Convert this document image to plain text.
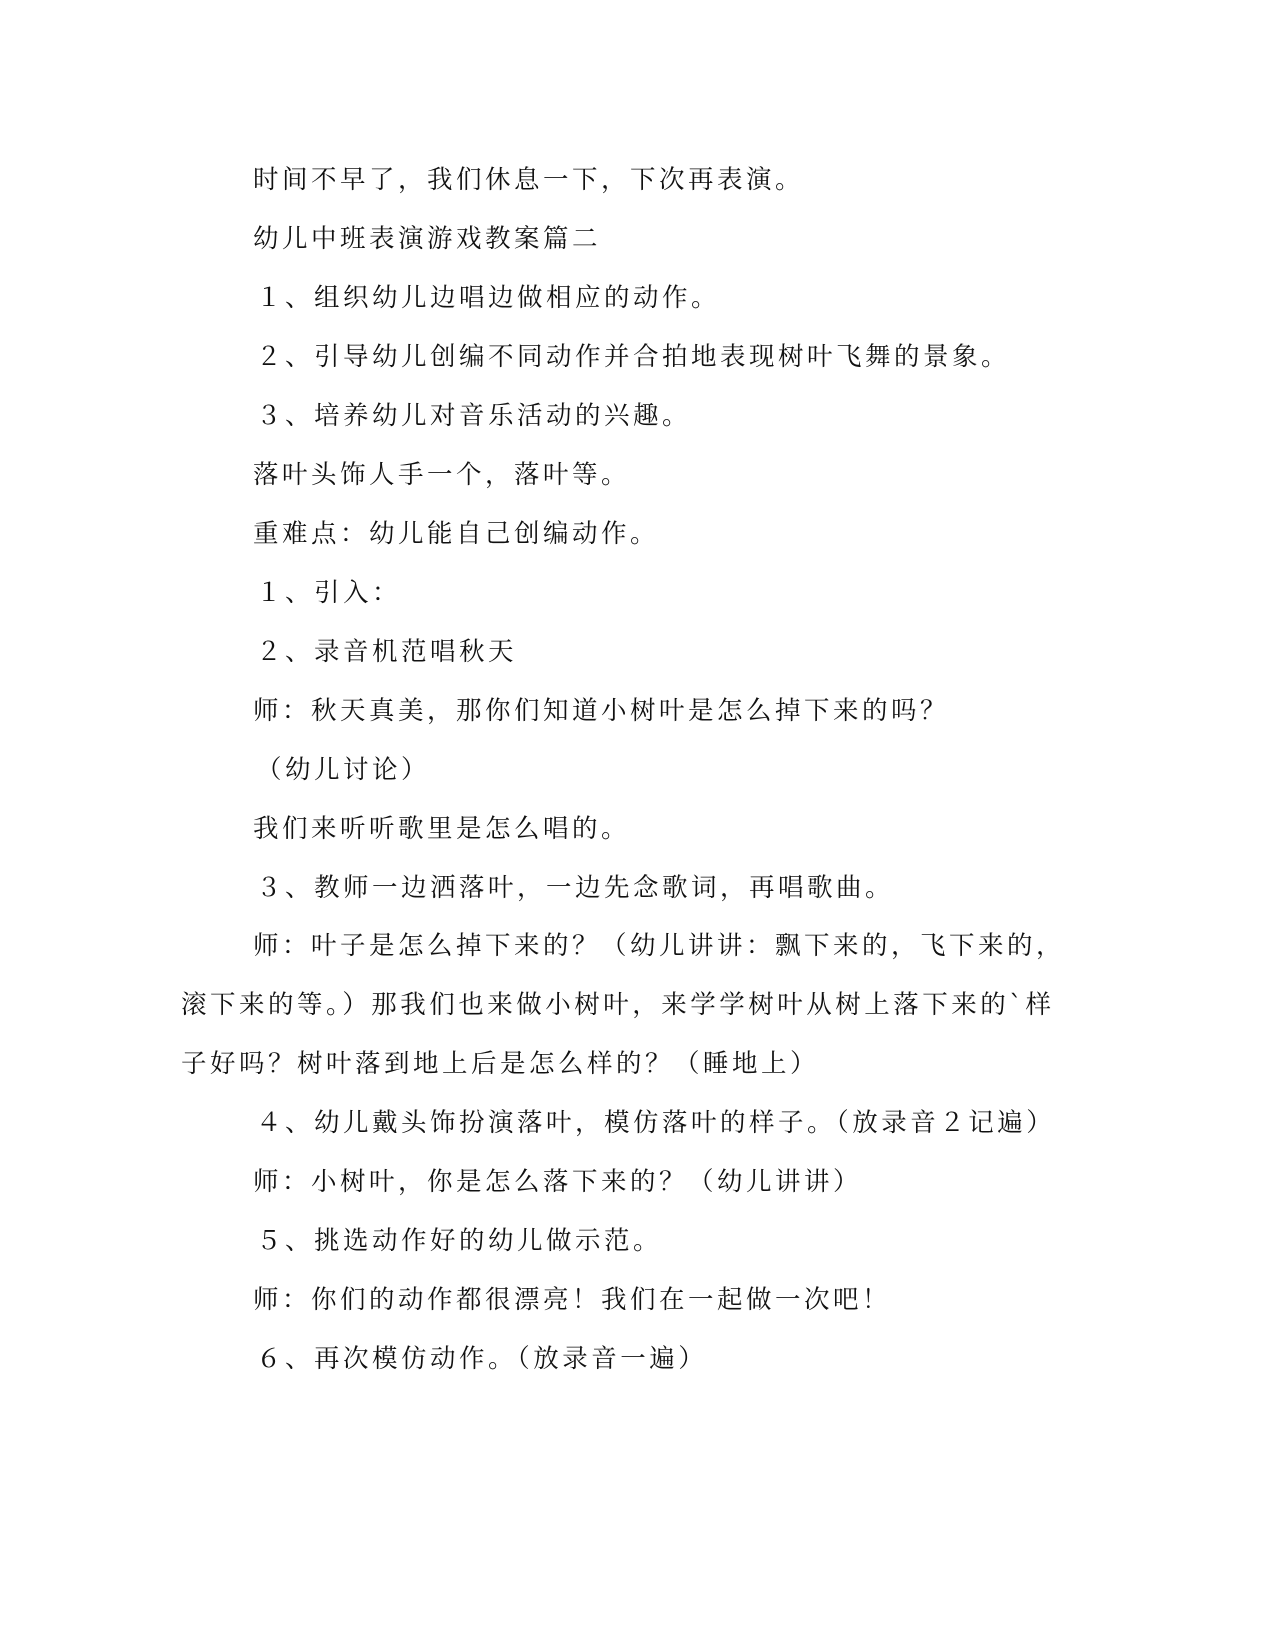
时间不早了，我们休息一下，下次再表演。
幼儿中班表演游戏教案篇二
１、组织幼儿边唱边做相应的动作。
２、引导幼儿创编不同动作并合拍地表现树叶飞舞的景象。
３、培养幼儿对音乐活动的兴趣。
落叶头饰人手一个，落叶等。
重难点：幼儿能自己创编动作。
１、引入：
２、录音机范唱秋天
师：秋天真美，那你们知道小树叶是怎么掉下来的吗？
（幼儿讨论）
我们来听听歌里是怎么唱的。
３、教师一边洒落叶，一边先念歌词，再唱歌曲。
师：叶子是怎么掉下来的？（幼儿讲讲：飘下来的，飞下来的，
滚下来的等。）那我们也来做小树叶，来学学树叶从树上落下来的`样
子好吗？树叶落到地上后是怎么样的？（睡地上）
４、幼儿戴头饰扮演落叶，模仿落叶的样子。（放录音２记遍）
师：小树叶，你是怎么落下来的？（幼儿讲讲）
５、挑选动作好的幼儿做示范。
师：你们的动作都很漂亮！我们在一起做一次吧！
６、再次模仿动作。（放录音一遍）
